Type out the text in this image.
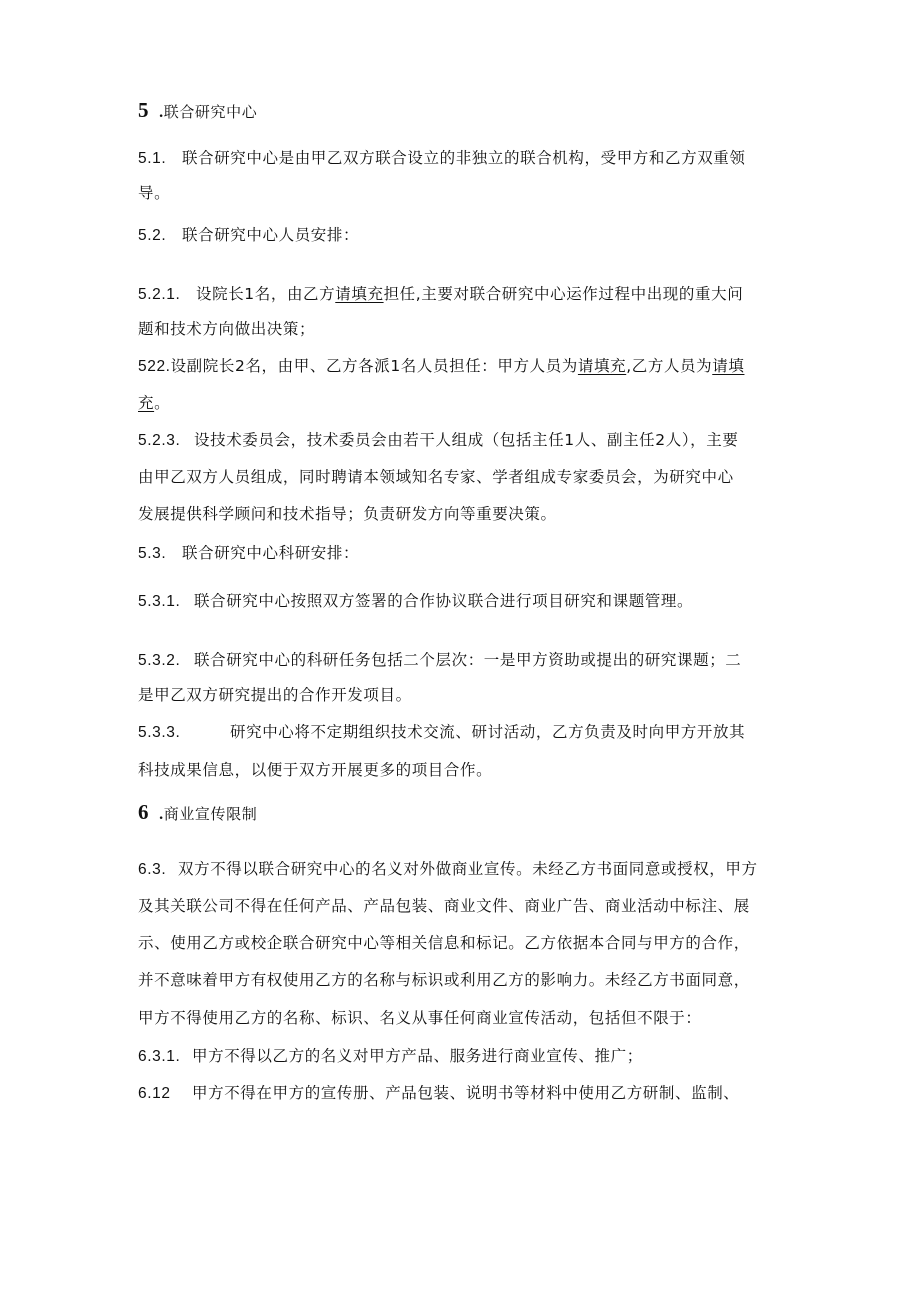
5 .联合研究中心
5.1. 联合研究中心是由甲乙双方联合设立的非独立的联合机构，受甲方和乙方双重领
导。
5.2. 联合研究中心人员安排：
5.2.1. 设院长1名，由乙方请填充担任,主要对联合研究中心运作过程中出现的重大问
题和技术方向做出决策；
522.设副院长2名，由甲、乙方各派1名人员担任：甲方人员为请填充,乙方人员为请填
充。
5.2.3. 设技术委员会，技术委员会由若干人组成（包括主任1人、副主任2人），主要
由甲乙双方人员组成，同时聘请本领域知名专家、学者组成专家委员会，为研究中心
发展提供科学顾问和技术指导；负责研发方向等重要决策。
5.3. 联合研究中心科研安排：
5.3.1. 联合研究中心按照双方签署的合作协议联合进行项目研究和课题管理。
5.3.2. 联合研究中心的科研任务包括二个层次：一是甲方资助或提出的研究课题；二
是甲乙双方研究提出的合作开发项目。
5.3.3.	研究中心将不定期组织技术交流、研讨活动，乙方负责及时向甲方开放其
科技成果信息，以便于双方开展更多的项目合作。
6 .商业宣传限制
6.3. 双方不得以联合研究中心的名义对外做商业宣传。未经乙方书面同意或授权，甲方
及其关联公司不得在任何产品、产品包装、商业文件、商业广告、商业活动中标注、展
示、使用乙方或校企联合研究中心等相关信息和标记。乙方依据本合同与甲方的合作，
并不意味着甲方有权使用乙方的名称与标识或利用乙方的影响力。未经乙方书面同意，
甲方不得使用乙方的名称、标识、名义从事任何商业宣传活动，包括但不限于：
6.3.1. 甲方不得以乙方的名义对甲方产品、服务进行商业宣传、推广；
6.12 甲方不得在甲方的宣传册、产品包装、说明书等材料中使用乙方研制、监制、
